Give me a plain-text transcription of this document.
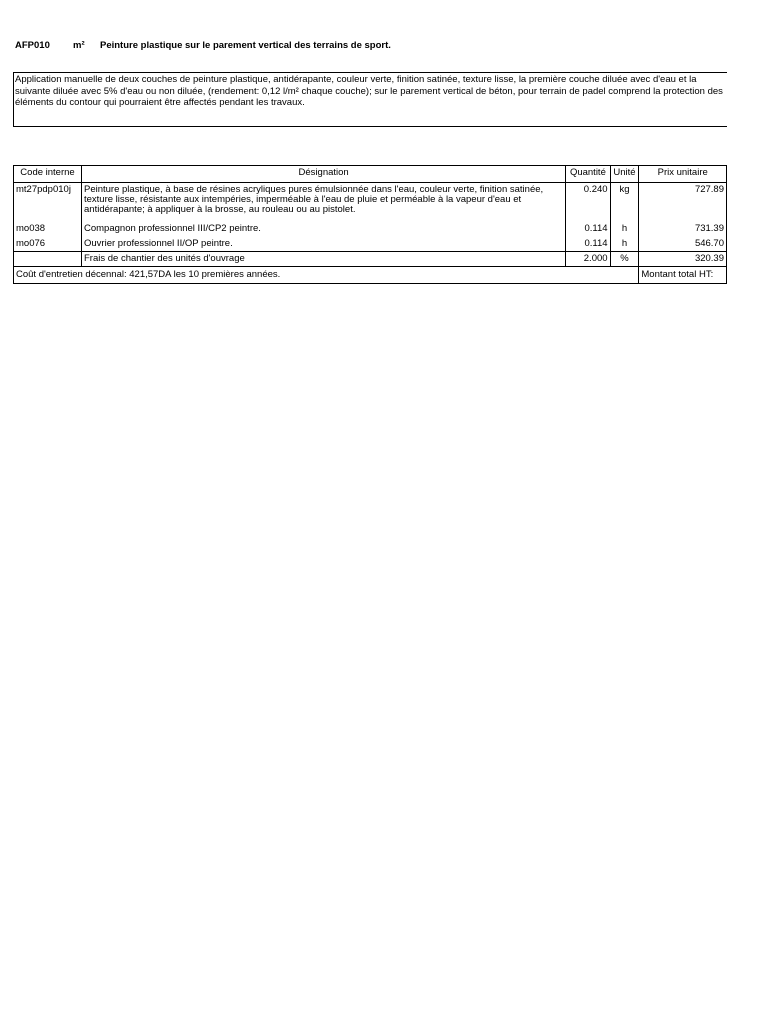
AFP010 m² Peinture plastique sur le parement vertical des terrains de sport.
Application manuelle de deux couches de peinture plastique, antidérapante, couleur verte, finition satinée, texture lisse, la première couche diluée avec d'eau et la suivante diluée avec 5% d'eau ou non diluée, (rendement: 0,12 l/m² chaque couche); sur le parement vertical de béton, pour terrain de padel comprend la protection des éléments du contour qui pourraient être affectés pendant les travaux.
Code interne	Désignation	Quantité	Unité	Prix unitaire
mt27pdp010j	Peinture plastique, à base de résines acryliques pures émulsionnée dans l'eau, couleur verte, finition satinée, texture lisse, résistante aux intempéries, imperméable à l'eau de pluie et perméable à la vapeur d'eau et antidérapante; à appliquer à la brosse, au rouleau ou au pistolet.	0.240	kg	727.89
mo038	Compagnon professionnel III/CP2 peintre.	0.114	h	731.39
mo076	Ouvrier professionnel II/OP peintre.	0.114	h	546.70
	Frais de chantier des unités d'ouvrage	2.000	%	320.39
Coût d'entretien décennal: 421,57DA les 10 premières années.				Montant total HT:
